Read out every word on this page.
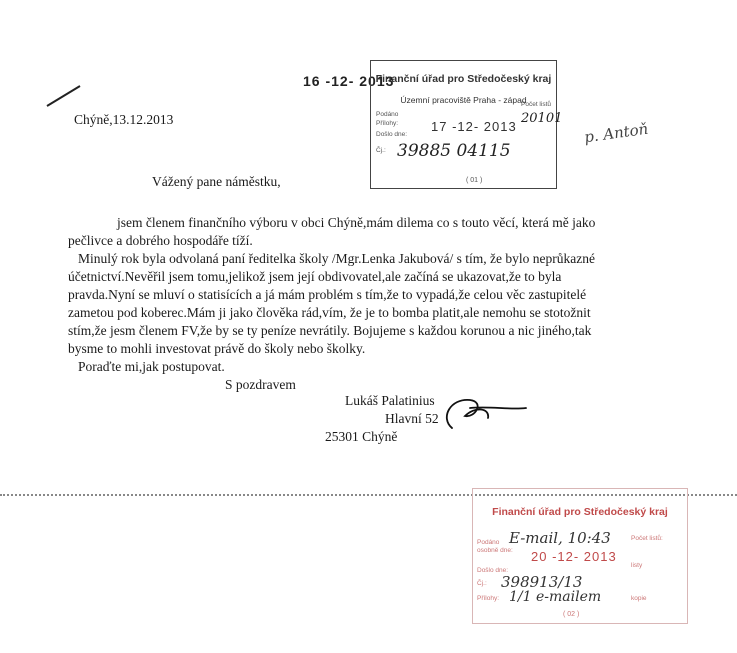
16 -12- 2013
Finanční úřad pro Středočeský kraj
Územní pracoviště Praha - západ
Podáno
Přílohy:
Došlo dne:
Čj.:
Počet listů
17 -12- 2013
20101
39885 04115
( 01 )
p. Antoň
Chýně,13.12.2013
Vážený pane náměstku,
jsem členem finančního výboru v obci Chýně,mám dilema co s touto věcí, která mě jako
pečlivce a dobrého hospodáře tíží.
Minulý rok byla odvolaná paní ředitelka školy /Mgr.Lenka Jakubová/ s tím, že bylo neprůkazné
účetnictví.Nevěřil jsem tomu,jelikož jsem její obdivovatel,ale začíná se ukazovat,že to byla
pravda.Nyní se mluví o statisících a já mám problém s tím,že to vypadá,že celou věc zastupitelé
zametou pod koberec.Mám ji jako člověka rád,vím, že je to bomba platit,ale nemohu se stotožnit
stím,že jesm členem FV,že by se ty peníze nevrátily. Bojujeme s každou korunou a nic jiného,tak
bysme to mohli investovat právě do školy nebo školky.
Poraďte mi,jak postupovat.
S pozdravem
Lukáš Palatinius
Hlavní 52
25301 Chýně
Finanční úřad pro Středočeský kraj
Podáno osobně dne:
Došlo dne:
Čj.:
Přílohy:
Počet listů:
listy
kopie
E-mail, 10:43
20 -12- 2013
398913/13
1/1 e-mailem
( 02 )
